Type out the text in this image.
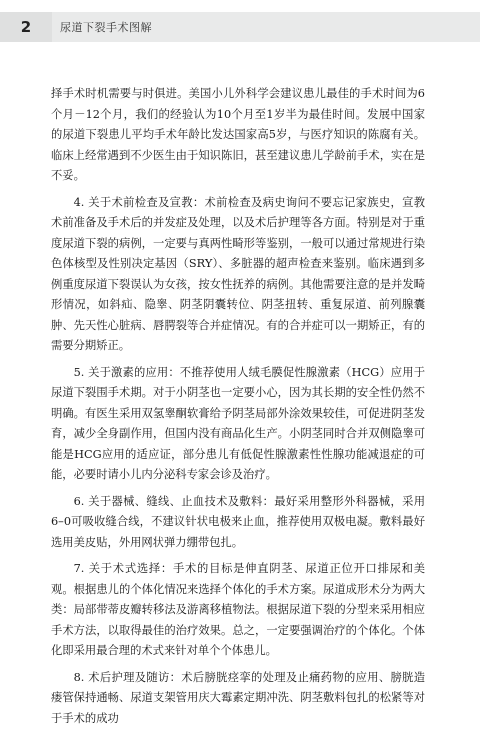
2	尿道下裂手术图解

择手术时机需要与时俱进。美国小儿外科学会建议患儿最佳的手术时间为6个月－12个月，我们的经验认为10个月至1岁半为最佳时间。发展中国家的尿道下裂患儿平均手术年龄比发达国家高5岁，与医疗知识的陈腐有关。临床上经常遇到不少医生由于知识陈旧，甚至建议患儿学龄前手术，实在是不妥。

4. 关于术前检查及宣教：术前检查及病史询问不要忘记家族史，宣教术前准备及手术后的并发症及处理，以及术后护理等各方面。特别是对于重度尿道下裂的病例，一定要与真两性畸形等鉴别，一般可以通过常规进行染色体核型及性别决定基因（SRY）、多脏器的超声检查来鉴别。临床遇到多例重度尿道下裂误认为女孩，按女性抚养的病例。其他需要注意的是并发畸形情况，如斜疝、隐睾、阴茎阴囊转位、阴茎扭转、重复尿道、前列腺囊肿、先天性心脏病、唇腭裂等合并症情况。有的合并症可以一期矫正，有的需要分期矫正。

5. 关于激素的应用：不推荐使用人绒毛膜促性腺激素（HCG）应用于尿道下裂围手术期。对于小阴茎也一定要小心，因为其长期的安全性仍然不明确。有医生采用双氢睾酮软膏给予阴茎局部外涂效果较佳，可促进阴茎发育，减少全身副作用，但国内没有商品化生产。小阴茎同时合并双侧隐睾可能是HCG应用的适应证，部分患儿有低促性腺激素性性腺功能减退症的可能，必要时请小儿内分泌科专家会诊及治疗。

6. 关于器械、缝线、止血技术及敷料：最好采用整形外科器械，采用6–0可吸收缝合线，不建议针状电极来止血，推荐使用双极电凝。敷料最好选用美皮贴，外用网状弹力绷带包扎。

7. 关于术式选择：手术的目标是伸直阴茎、尿道正位开口排尿和美观。根据患儿的个体化情况来选择个体化的手术方案。尿道成形术分为两大类：局部带蒂皮瓣转移法及游离移植物法。根据尿道下裂的分型来采用相应手术方法，以取得最佳的治疗效果。总之，一定要强调治疗的个体化。个体化即采用最合理的术式来针对单个个体患儿。

8. 术后护理及随访：术后膀胱痉挛的处理及止痛药物的应用、膀胱造瘘管保持通畅、尿道支架管用庆大霉素定期冲洗、阴茎敷料包扎的松紧等对于手术的成功
